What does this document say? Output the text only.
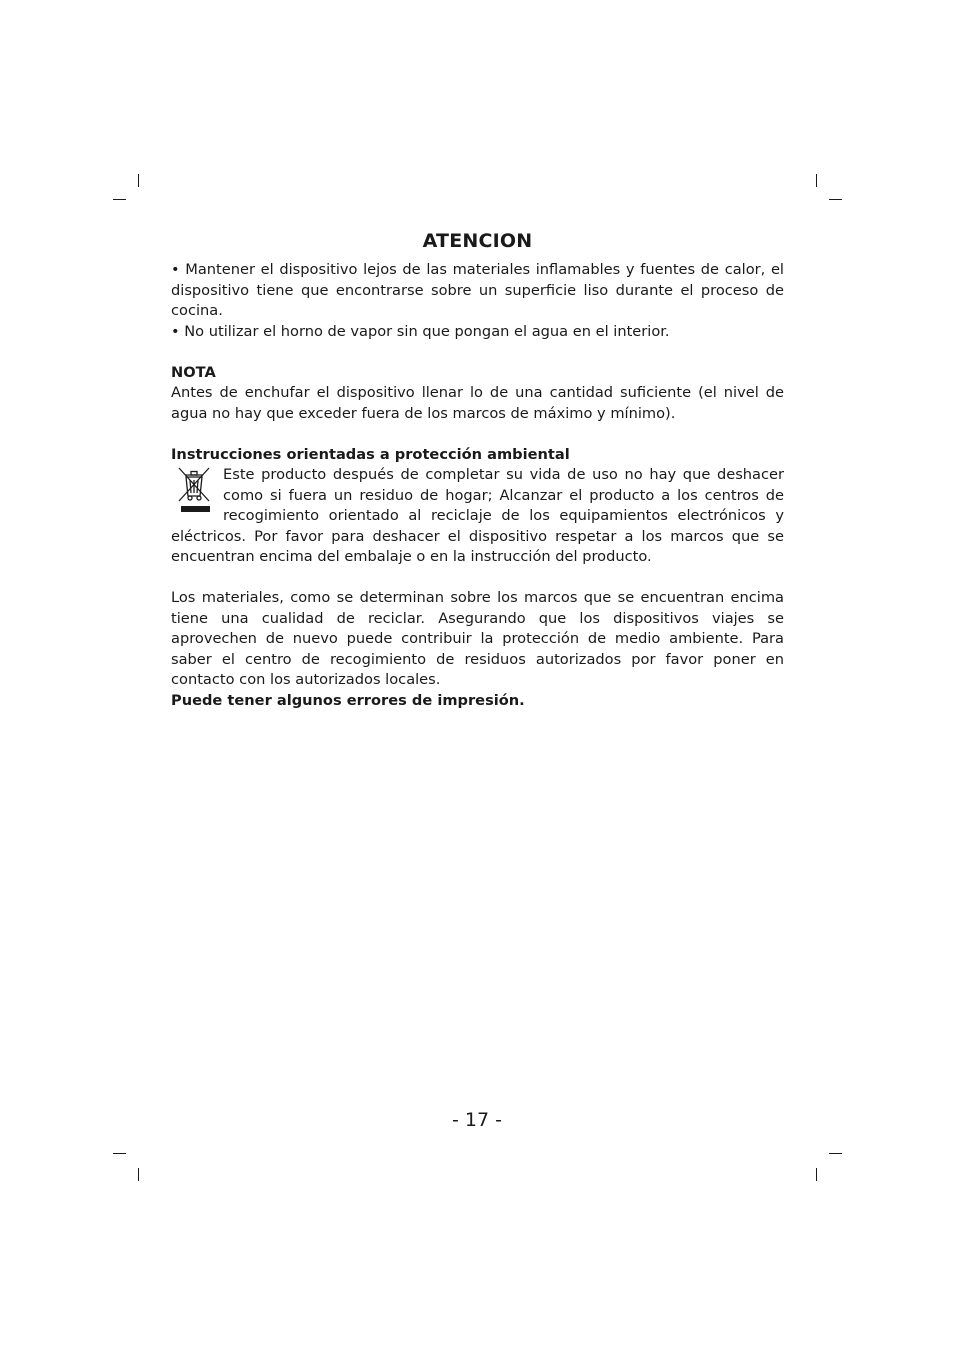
ATENCION

• Mantener el dispositivo lejos de las materiales inflamables y fuentes de calor, el dispositivo tiene que encontrarse sobre un superficie liso durante el proceso de cocina.

• No utilizar el horno de vapor sin que pongan el agua en el interior.

NOTA

Antes de enchufar el dispositivo llenar lo de una cantidad suficiente (el nivel de agua no hay que exceder fuera de los marcos de máximo y mínimo).

Instrucciones orientadas a protección ambiental

Este producto después de completar su vida de uso no hay que deshacer como si fuera un residuo de hogar; Alcanzar el producto a los centros de recogimiento orientado al reciclaje de los equipamientos electrónicos y eléctricos. Por favor para deshacer el dispositivo respetar a los marcos que se encuentran encima del embalaje o en la instrucción del producto.

Los materiales, como se determinan sobre los marcos que se encuentran encima tiene una cualidad de reciclar. Asegurando que los dispositivos viajes se aprovechen de nuevo puede contribuir la protección de medio ambiente. Para saber el centro de recogimiento de residuos autorizados por favor poner en contacto con los autorizados locales.

Puede tener algunos errores de impresión.

- 17 -
